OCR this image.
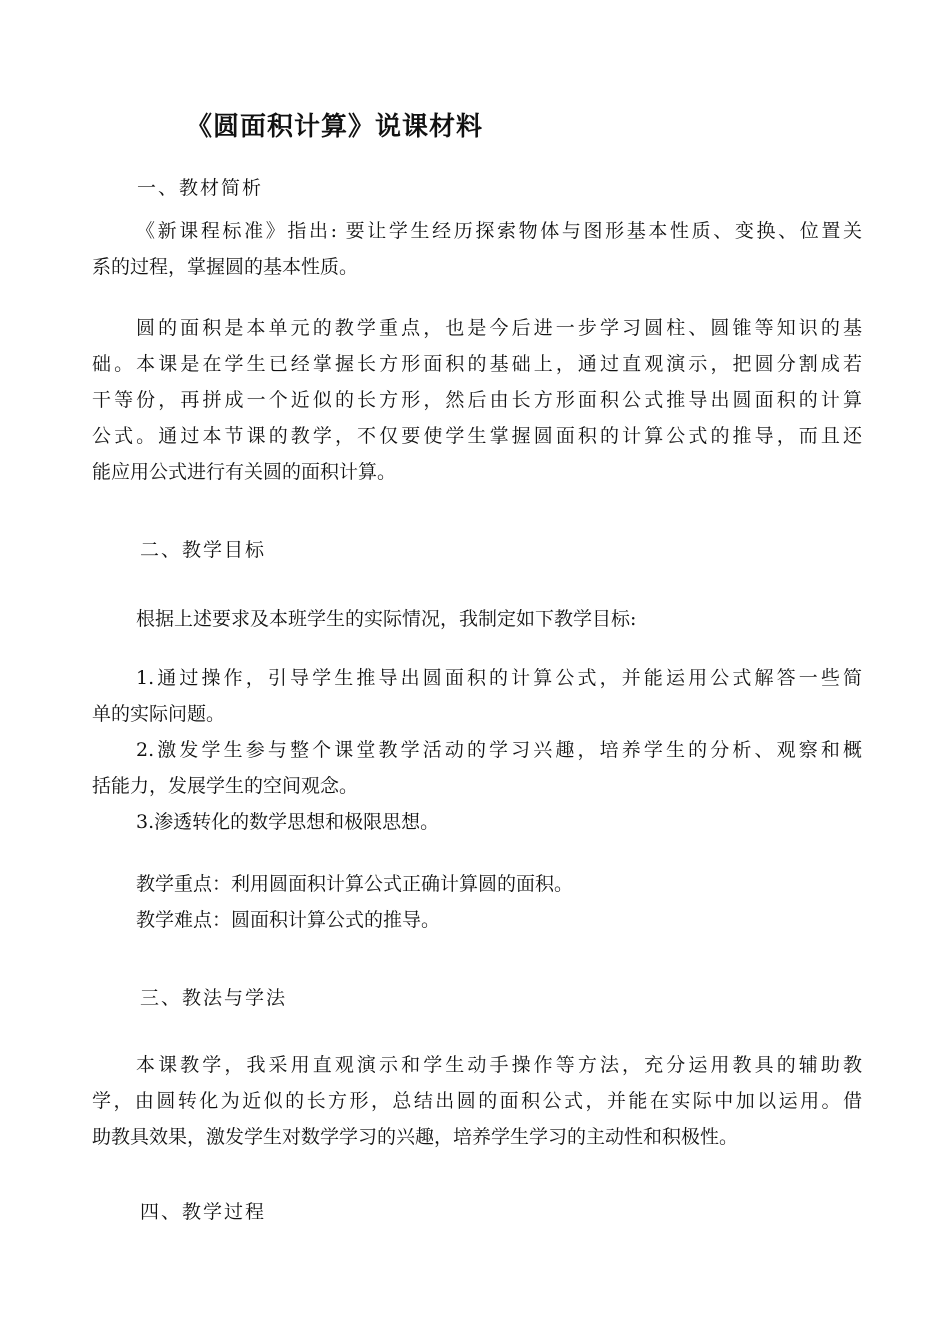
《圆面积计算》说课材料
一、教材简析
《新课程标准》指出: 要让学生经历探索物体与图形基本性质、变换、位置关
系的过程，掌握圆的基本性质。
圆的面积是本单元的教学重点，也是今后进一步学习圆柱、圆锥等知识的基
础。本课是在学生已经掌握长方形面积的基础上，通过直观演示，把圆分割成若
干等份，再拼成一个近似的长方形，然后由长方形面积公式推导出圆面积的计算
公式。通过本节课的教学，不仅要使学生掌握圆面积的计算公式的推导，而且还
能应用公式进行有关圆的面积计算。
二、教学目标
根据上述要求及本班学生的实际情况，我制定如下教学目标:
1.通过操作，引导学生推导出圆面积的计算公式，并能运用公式解答一些简
单的实际问题。
2.激发学生参与整个课堂教学活动的学习兴趣，培养学生的分析、观察和概
括能力，发展学生的空间观念。
3.渗透转化的数学思想和极限思想。
教学重点：利用圆面积计算公式正确计算圆的面积。
教学难点：圆面积计算公式的推导。
三、教法与学法
本课教学，我采用直观演示和学生动手操作等方法，充分运用教具的辅助教
学，由圆转化为近似的长方形，总结出圆的面积公式，并能在实际中加以运用。借
助教具效果，激发学生对数学学习的兴趣，培养学生学习的主动性和积极性。
四、教学过程
